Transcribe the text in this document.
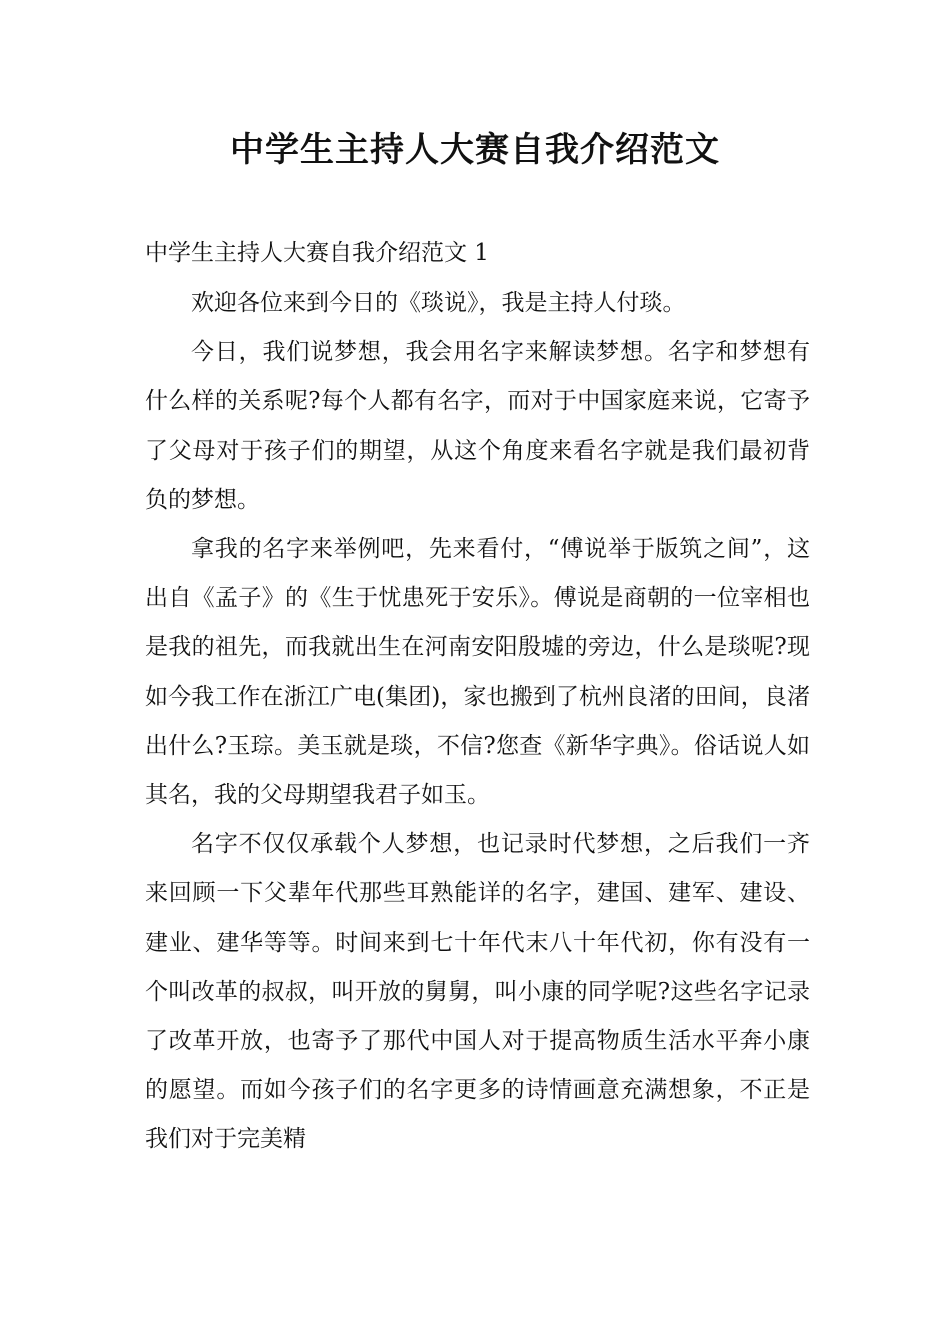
中学生主持人大赛自我介绍范文
中学生主持人大赛自我介绍范文 1

欢迎各位来到今日的《琰说》，我是主持人付琰。

今日，我们说梦想，我会用名字来解读梦想。名字和梦想有什么样的关系呢?每个人都有名字，而对于中国家庭来说，它寄予了父母对于孩子们的期望，从这个角度来看名字就是我们最初背负的梦想。

拿我的名字来举例吧，先来看付，“傅说举于版筑之间”，这出自《孟子》的《生于忧患死于安乐》。傅说是商朝的一位宰相也是我的祖先，而我就出生在河南安阳殷墟的旁边，什么是琰呢?现如今我工作在浙江广电(集团)，家也搬到了杭州良渚的田间，良渚出什么?玉琮。美玉就是琰，不信?您查《新华字典》。俗话说人如其名，我的父母期望我君子如玉。

名字不仅仅承载个人梦想，也记录时代梦想，之后我们一齐来回顾一下父辈年代那些耳熟能详的名字，建国、建军、建设、建业、建华等等。时间来到七十年代末八十年代初，你有没有一个叫改革的叔叔，叫开放的舅舅，叫小康的同学呢?这些名字记录了改革开放，也寄予了那代中国人对于提高物质生活水平奔小康的愿望。而如今孩子们的名字更多的诗情画意充满想象，不正是我们对于完美精
